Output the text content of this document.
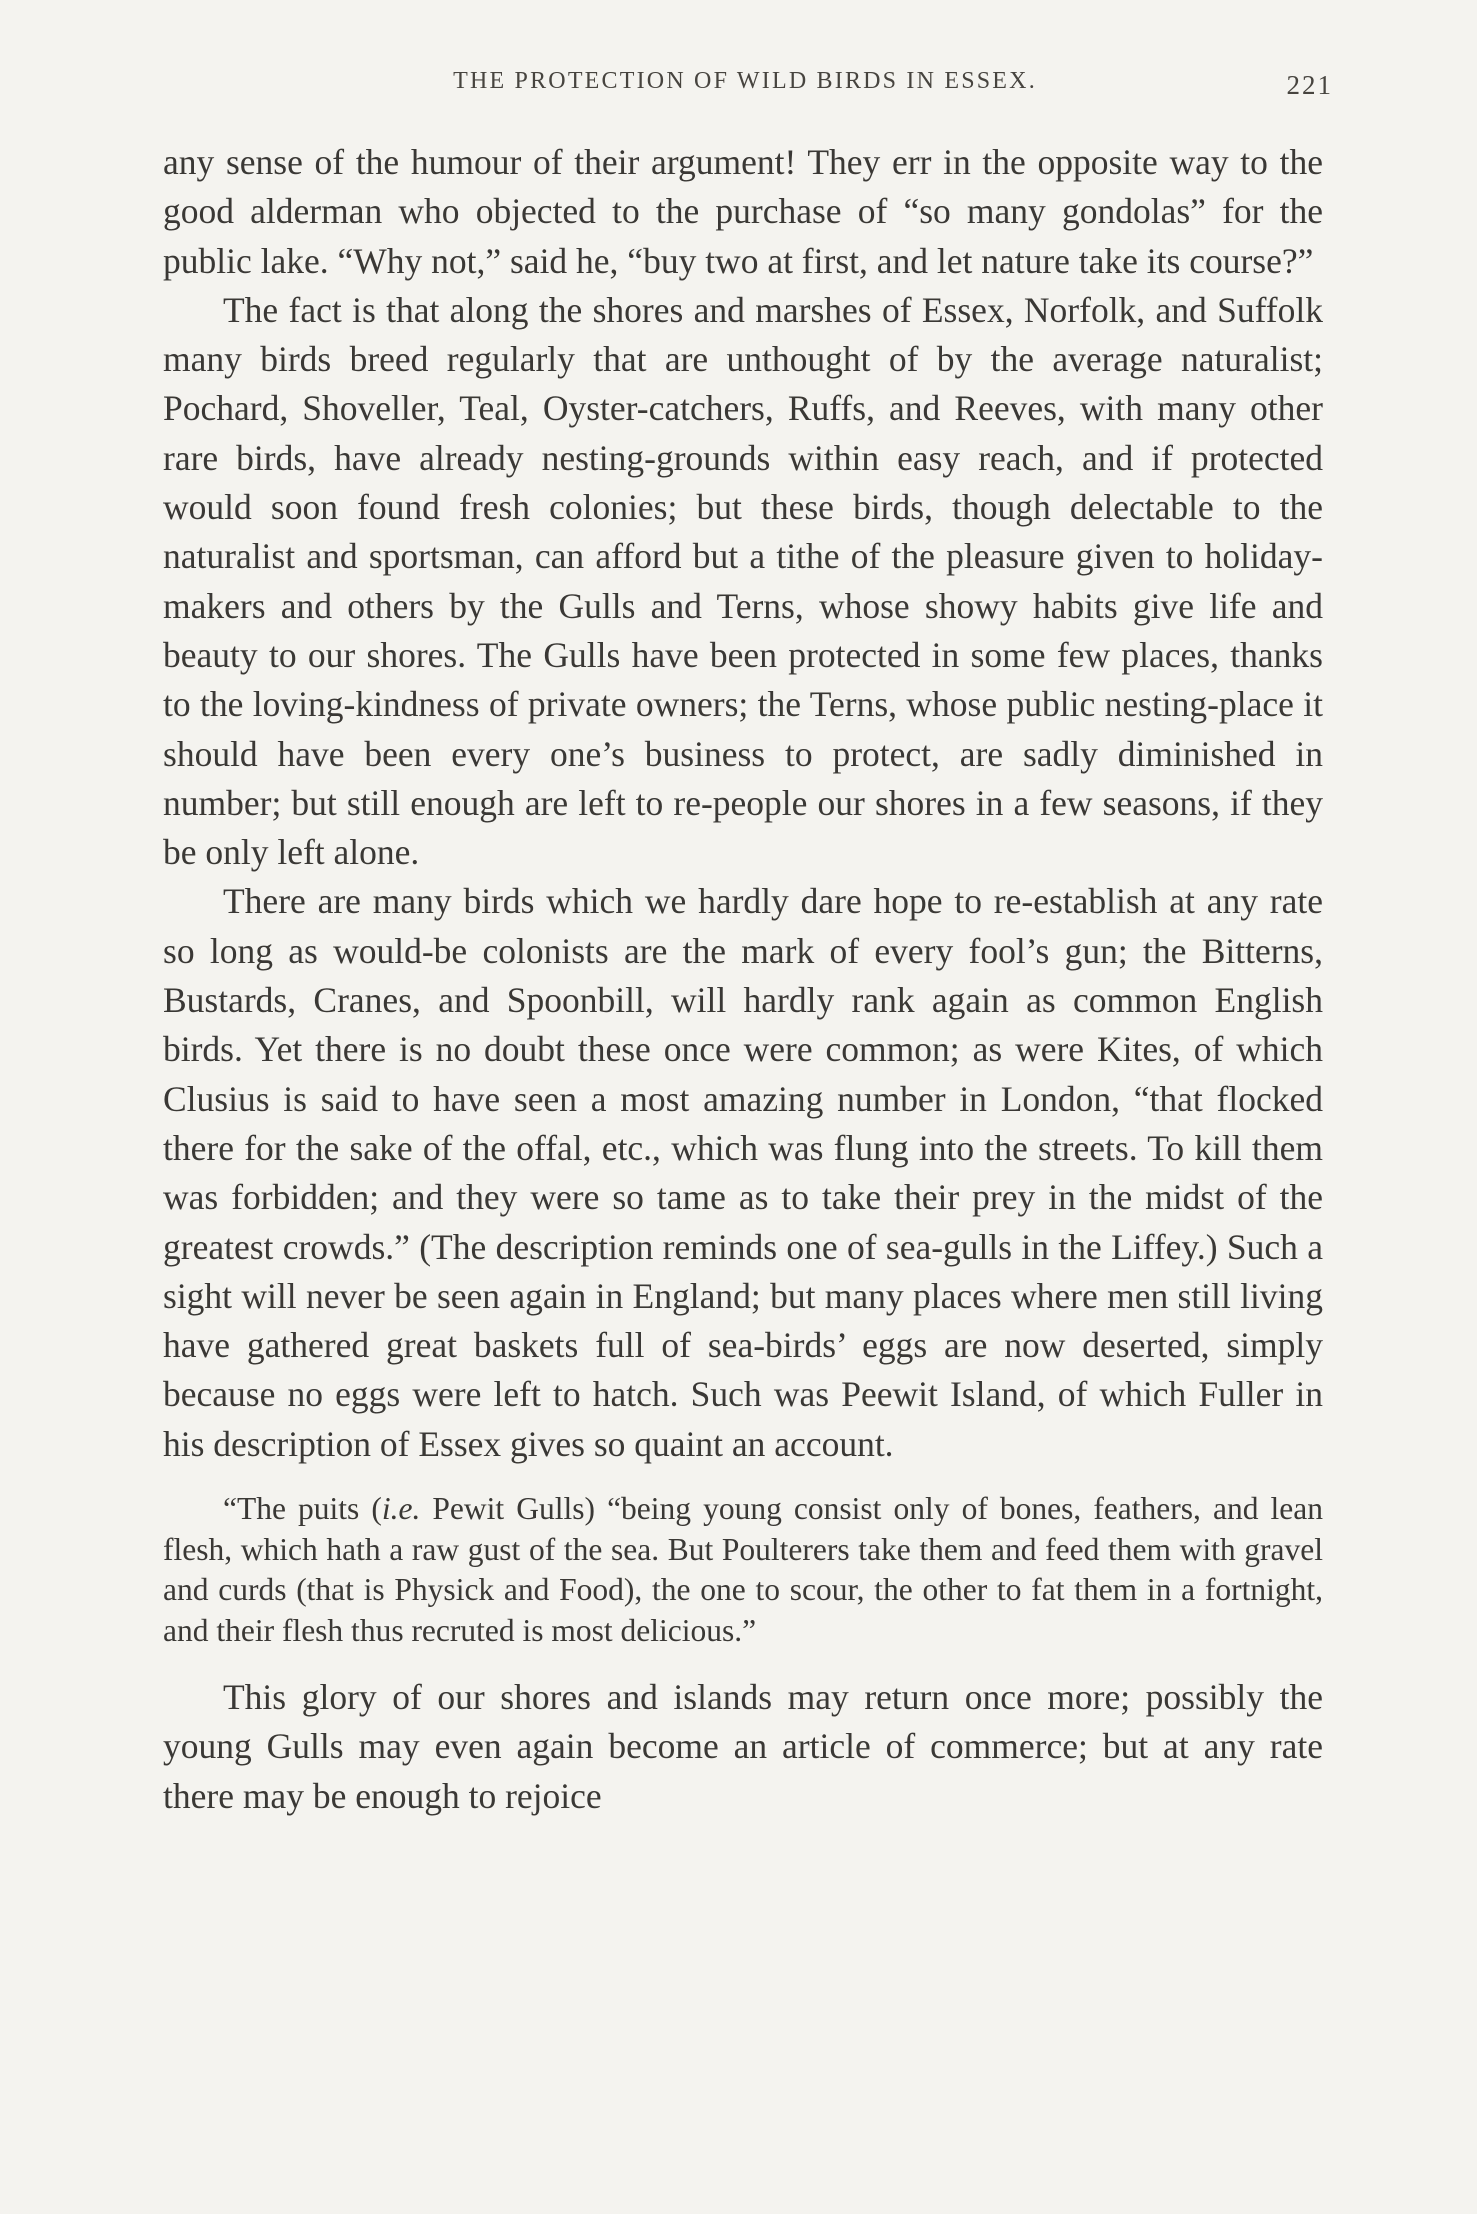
THE PROTECTION OF WILD BIRDS IN ESSEX.	221

any sense of the humour of their argument! They err in the opposite way to the good alderman who objected to the purchase of “so many gondolas” for the public lake. “Why not,” said he, “buy two at first, and let nature take its course?”

The fact is that along the shores and marshes of Essex, Norfolk, and Suffolk many birds breed regularly that are unthought of by the average naturalist; Pochard, Shoveller, Teal, Oyster-catchers, Ruffs, and Reeves, with many other rare birds, have already nesting-grounds within easy reach, and if protected would soon found fresh colonies; but these birds, though delectable to the naturalist and sportsman, can afford but a tithe of the pleasure given to holiday-makers and others by the Gulls and Terns, whose showy habits give life and beauty to our shores. The Gulls have been protected in some few places, thanks to the loving-kindness of private owners; the Terns, whose public nesting-place it should have been every one’s business to protect, are sadly diminished in number; but still enough are left to re-people our shores in a few seasons, if they be only left alone.

There are many birds which we hardly dare hope to re-establish at any rate so long as would-be colonists are the mark of every fool’s gun; the Bitterns, Bustards, Cranes, and Spoonbill, will hardly rank again as common English birds. Yet there is no doubt these once were common; as were Kites, of which Clusius is said to have seen a most amazing number in London, “that flocked there for the sake of the offal, etc., which was flung into the streets. To kill them was forbidden; and they were so tame as to take their prey in the midst of the greatest crowds.” (The description reminds one of sea-gulls in the Liffey.) Such a sight will never be seen again in England; but many places where men still living have gathered great baskets full of sea-birds’ eggs are now deserted, simply because no eggs were left to hatch. Such was Peewit Island, of which Fuller in his description of Essex gives so quaint an account.

“The puits (i.e. Pewit Gulls) “being young consist only of bones, feathers, and lean flesh, which hath a raw gust of the sea. But Poulterers take them and feed them with gravel and curds (that is Physick and Food), the one to scour, the other to fat them in a fortnight, and their flesh thus recruted is most delicious.”

This glory of our shores and islands may return once more; possibly the young Gulls may even again become an article of commerce; but at any rate there may be enough to rejoice
